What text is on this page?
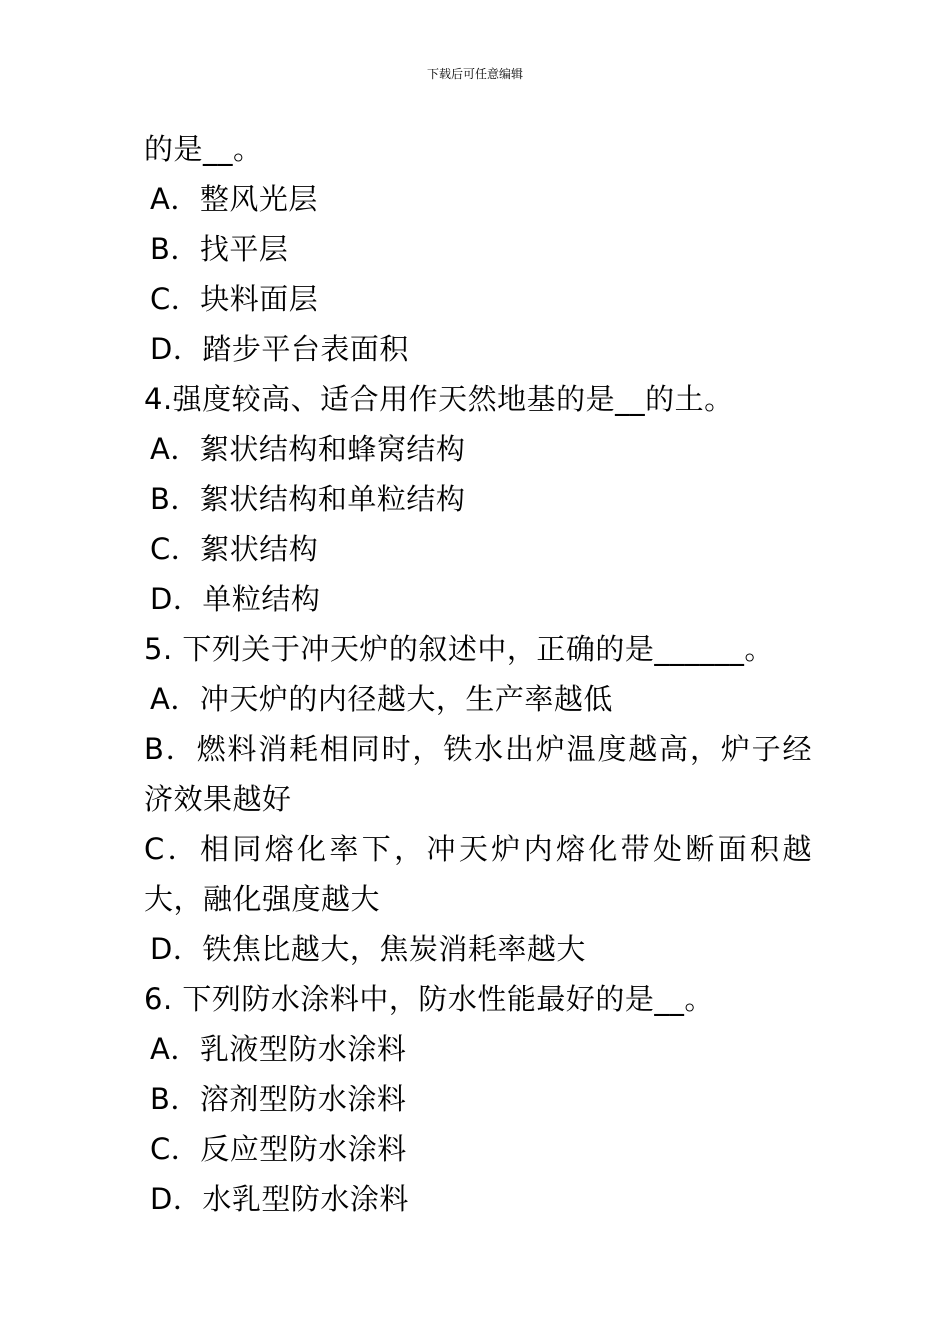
下载后可任意编辑
的是__。
A．整风光层
B．找平层
C．块料面层
D．踏步平台表面积
4.强度较高、适合用作天然地基的是__的土。
A．絮状结构和蜂窝结构
B．絮状结构和单粒结构
C．絮状结构
D．单粒结构
5. 下列关于冲天炉的叙述中，正确的是______。
A．冲天炉的内径越大，生产率越低
B．燃料消耗相同时，铁水出炉温度越高，炉子经济效果越好
C．相同熔化率下，冲天炉内熔化带处断面积越大，融化强度越大
D．铁焦比越大，焦炭消耗率越大
6. 下列防水涂料中，防水性能最好的是__。
A．乳液型防水涂料
B．溶剂型防水涂料
C．反应型防水涂料
D．水乳型防水涂料
